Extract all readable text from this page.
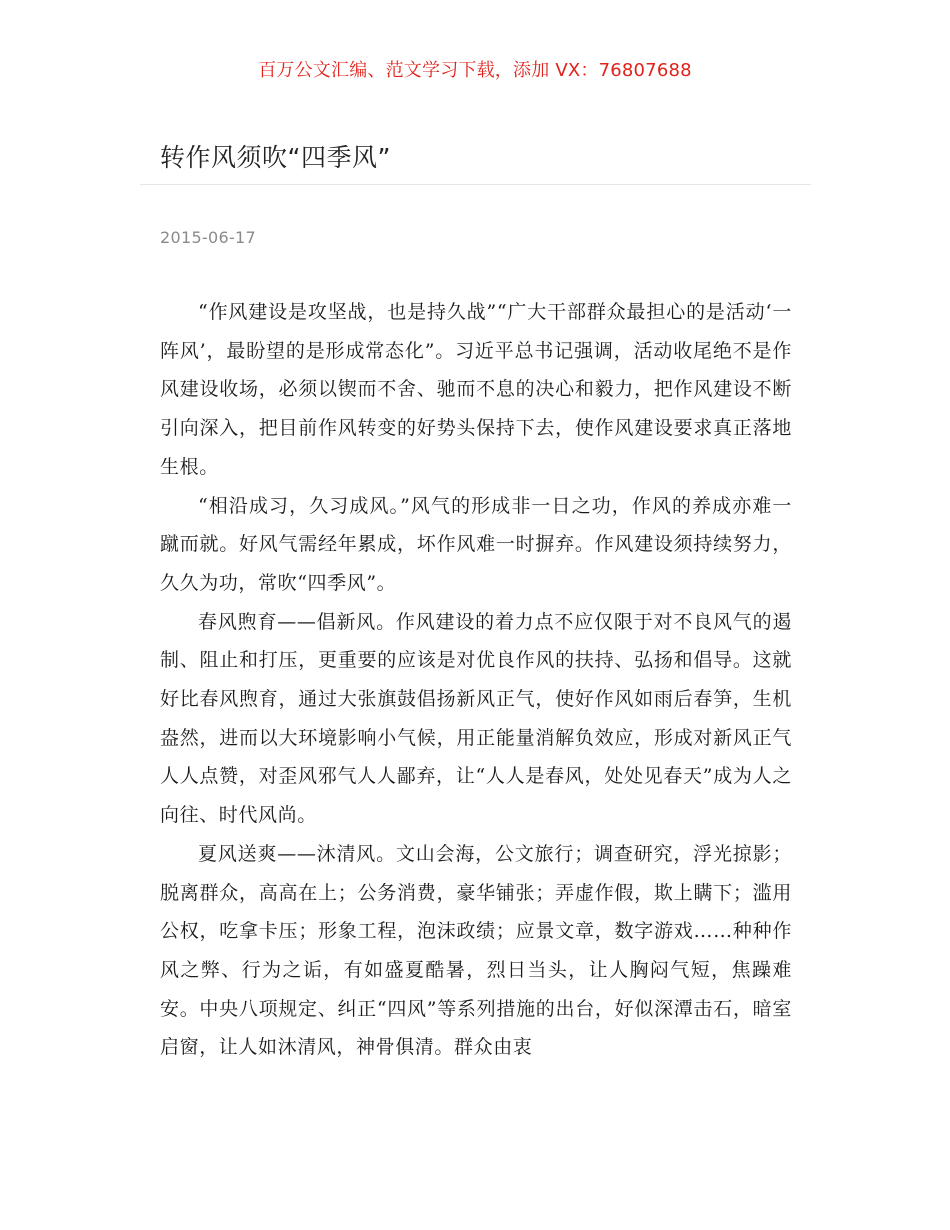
百万公文汇编、范文学习下载，添加 VX：76807688
转作风须吹“四季风”
2015-06-17

“作风建设是攻坚战，也是持久战”“广大干部群众最担心的是活动‘一阵风’，最盼望的是形成常态化”。习近平总书记强调，活动收尾绝不是作风建设收场，必须以锲而不舍、驰而不息的决心和毅力，把作风建设不断引向深入，把目前作风转变的好势头保持下去，使作风建设要求真正落地生根。

“相沿成习，久习成风。”风气的形成非一日之功，作风的养成亦难一蹴而就。好风气需经年累成，坏作风难一时摒弃。作风建设须持续努力，久久为功，常吹“四季风”。

春风煦育——倡新风。作风建设的着力点不应仅限于对不良风气的遏制、阻止和打压，更重要的应该是对优良作风的扶持、弘扬和倡导。这就好比春风煦育，通过大张旗鼓倡扬新风正气，使好作风如雨后春笋，生机盎然，进而以大环境影响小气候，用正能量消解负效应，形成对新风正气人人点赞，对歪风邪气人人鄙弃，让“人人是春风，处处见春天”成为人之向往、时代风尚。

夏风送爽——沐清风。文山会海，公文旅行；调查研究，浮光掠影；脱离群众，高高在上；公务消费，豪华铺张；弄虚作假，欺上瞒下；滥用公权，吃拿卡压；形象工程，泡沫政绩；应景文章，数字游戏……种种作风之弊、行为之诟，有如盛夏酷暑，烈日当头，让人胸闷气短，焦躁难安。中央八项规定、纠正“四风”等系列措施的出台，好似深潭击石，暗室启窗，让人如沐清风，神骨俱清。群众由衷
